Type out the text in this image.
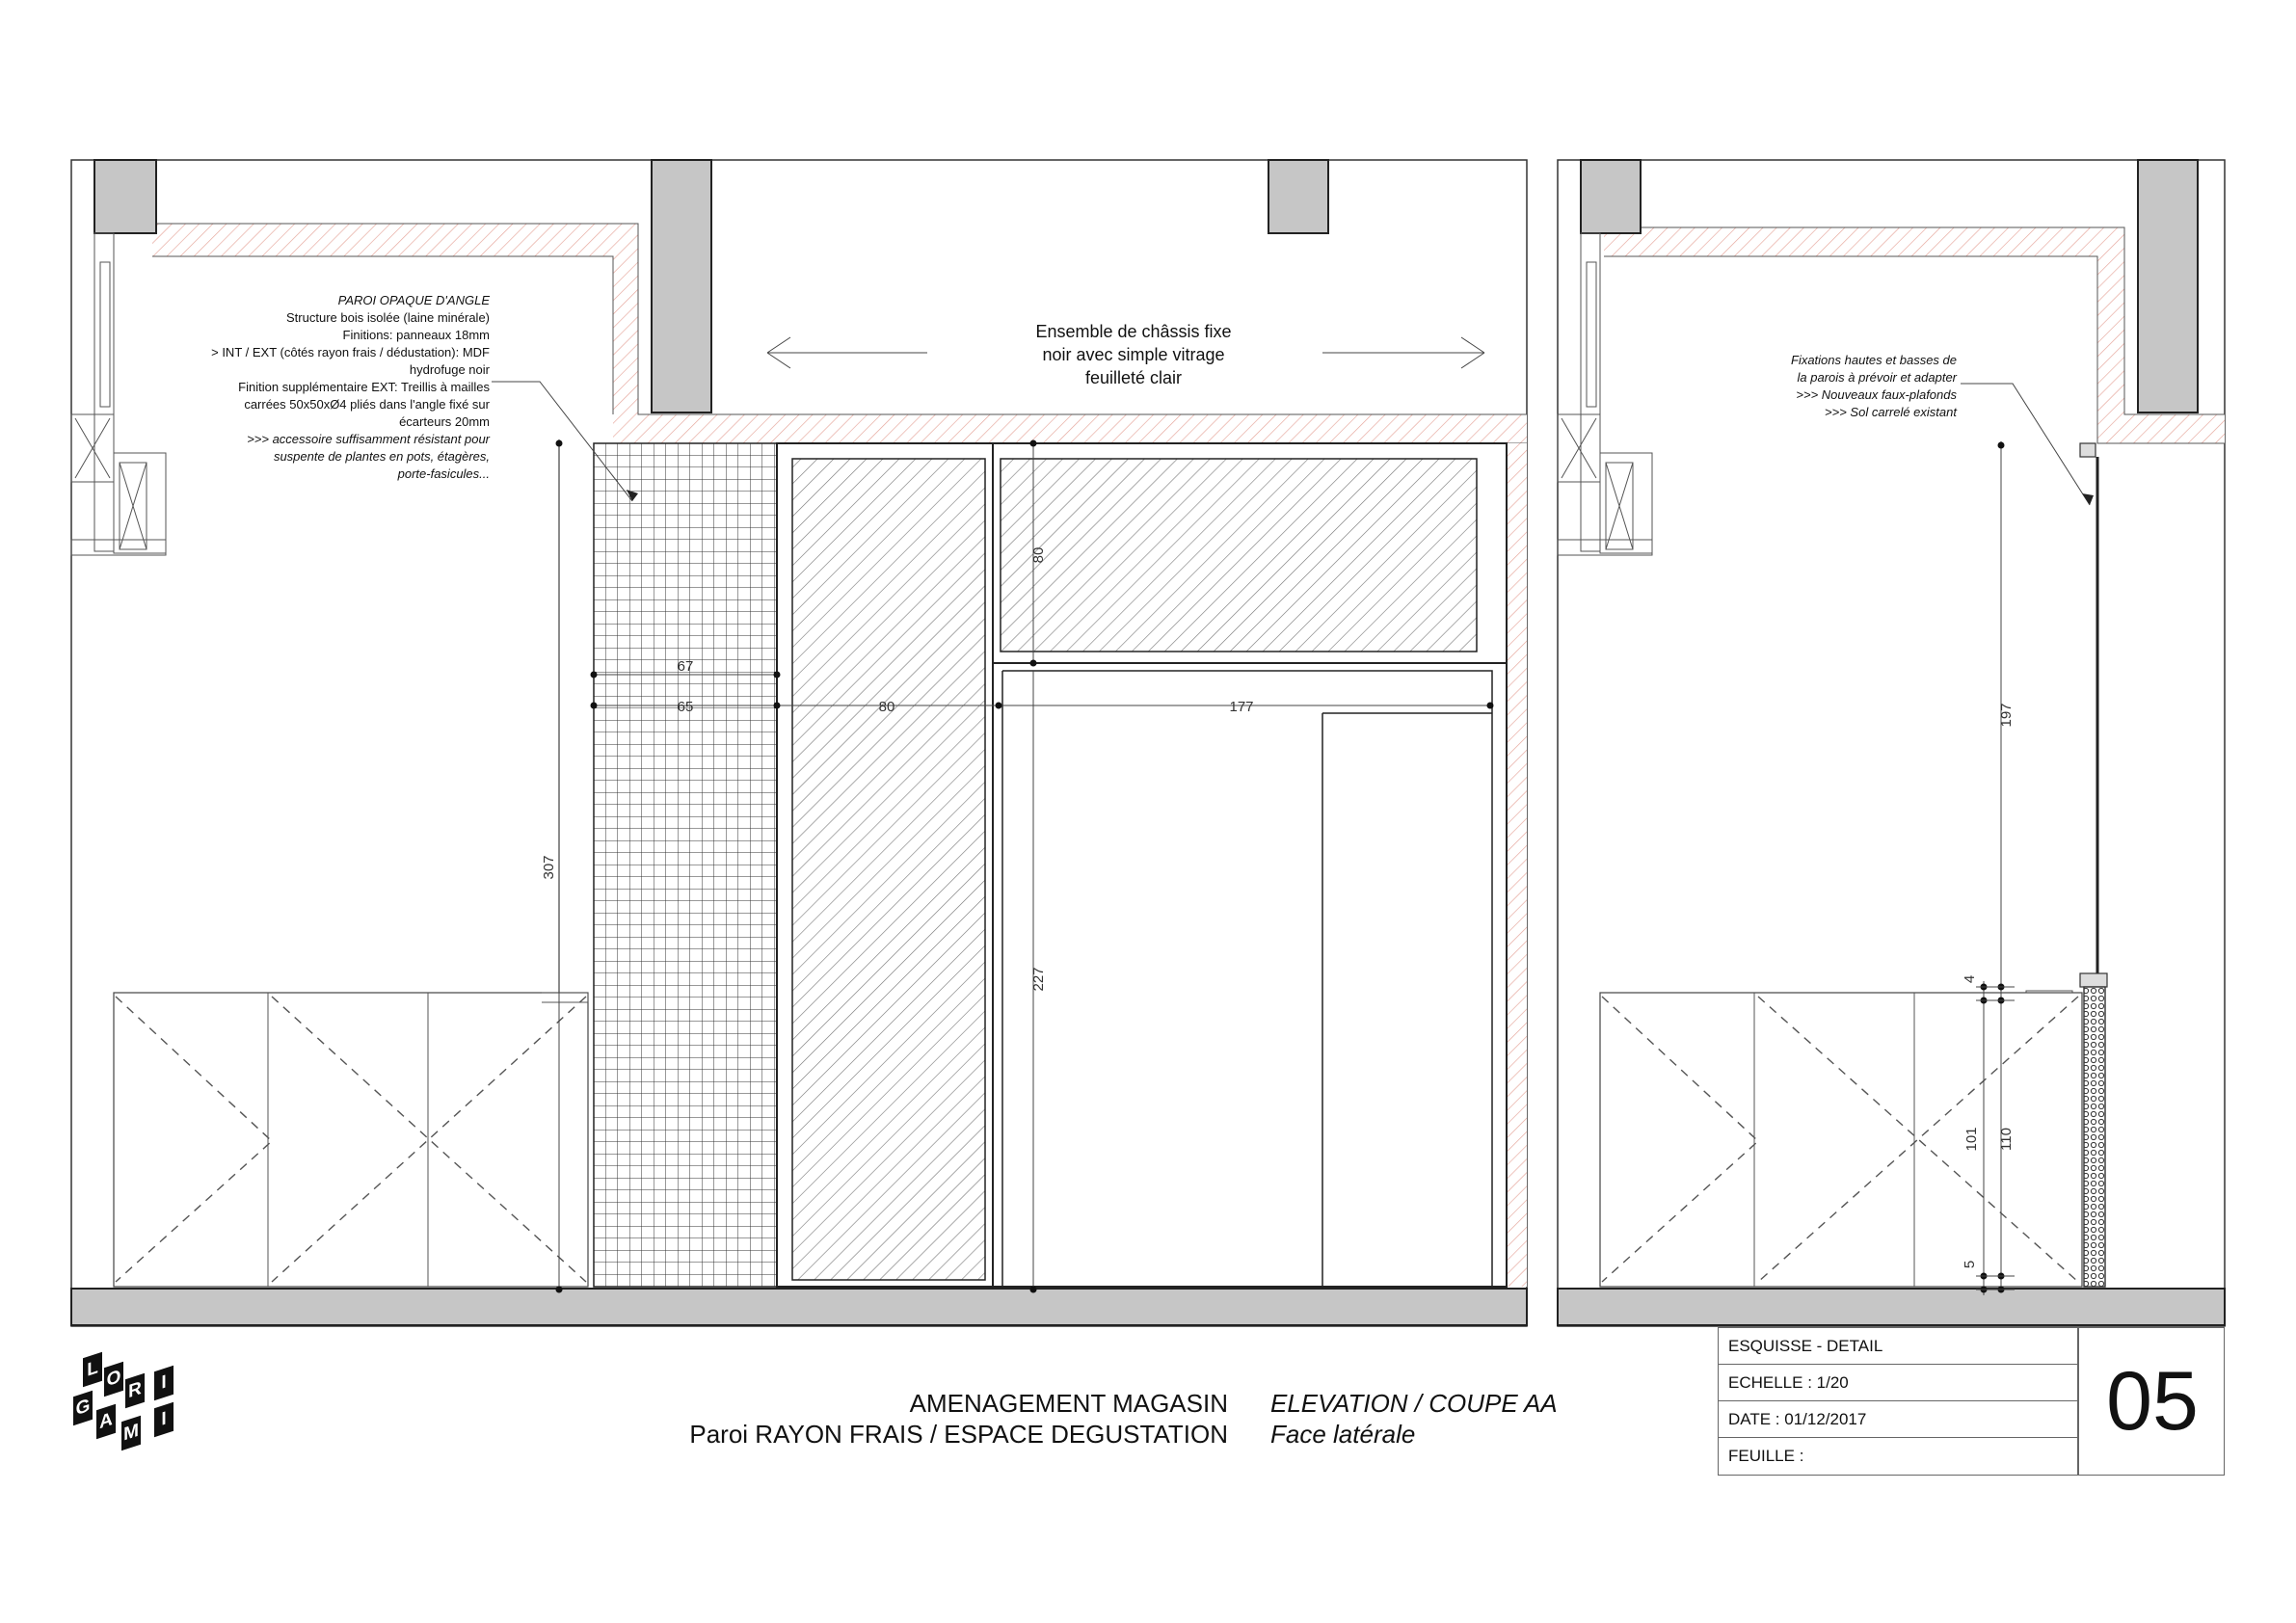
PAROI OPAQUE D'ANGLE
Structure bois isolée (laine minérale)
Finitions: panneaux 18mm
> INT / EXT (côtés rayon frais / dédustation): MDF
hydrofuge noir
Finition supplémentaire EXT: Treillis à mailles
carrées 50x50xØ4 pliés dans l'angle fixé sur
écarteurs 20mm
>>> accessoire suffisamment résistant pour
suspente de plantes en pots, étagères,
porte-fasicules...
Ensemble de châssis fixe
noir avec simple vitrage
feuilleté clair
307
67
65	80	177
80
227
Fixations hautes et basses de
la parois à prévoir et adapter
>>> Nouveaux faux-plafonds
>>> Sol carrelé existant
197
4
101 110
5
L O R	I
G
A M
I
AMENAGEMENT MAGASIN
Paroi RAYON FRAIS / ESPACE DEGUSTATION
ELEVATION / COUPE AA
Face latérale
ESQUISSE - DETAIL
ECHELLE : 1/20
DATE : 01/12/2017
FEUILLE :
05
